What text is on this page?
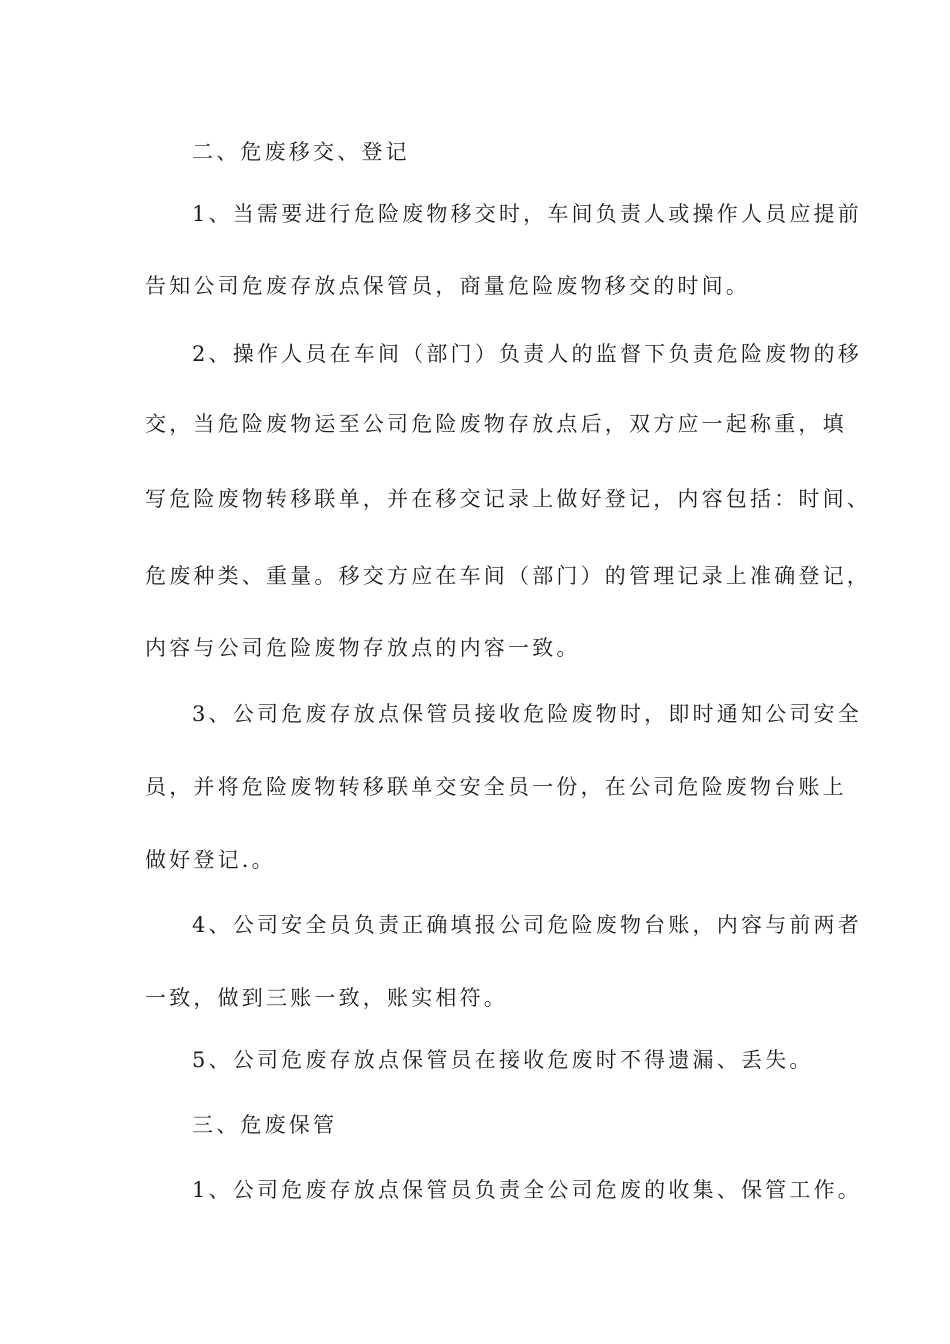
二、危废移交、登记
1、当需要进行危险废物移交时，车间负责人或操作人员应提前
告知公司危废存放点保管员，商量危险废物移交的时间。
2、操作人员在车间（部门）负责人的监督下负责危险废物的移
交，当危险废物运至公司危险废物存放点后，双方应一起称重，填
写危险废物转移联单，并在移交记录上做好登记，内容包括：时间、
危废种类、重量。移交方应在车间（部门）的管理记录上准确登记，
内容与公司危险废物存放点的内容一致。
3、公司危废存放点保管员接收危险废物时，即时通知公司安全
员，并将危险废物转移联单交安全员一份，在公司危险废物台账上
做好登记.。
4、公司安全员负责正确填报公司危险废物台账，内容与前两者
一致，做到三账一致，账实相符。
5、公司危废存放点保管员在接收危废时不得遗漏、丢失。
三、危废保管
1、公司危废存放点保管员负责全公司危废的收集、保管工作。
